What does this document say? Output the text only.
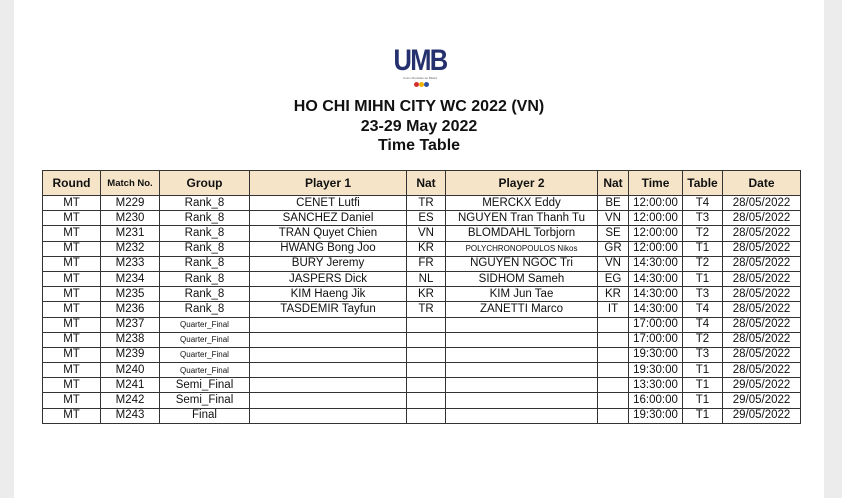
UMB
Union Mondiale de Billard
HO CHI MIHN CITY WC 2022 (VN)
23-29 May 2022
Time Table
Round	Match No.	Group	Player 1	Nat	Player 2	Nat	Time	Table	Date
MT	M229	Rank_8	CENET Lutfi	TR	MERCKX Eddy	BE	12:00:00	T4	28/05/2022
MT	M230	Rank_8	SANCHEZ Daniel	ES	NGUYEN Tran Thanh Tu	VN	12:00:00	T3	28/05/2022
MT	M231	Rank_8	TRAN Quyet Chien	VN	BLOMDAHL Torbjorn	SE	12:00:00	T2	28/05/2022
MT	M232	Rank_8	HWANG Bong Joo	KR	POLYCHRONOPOULOS Nikos	GR	12:00:00	T1	28/05/2022
MT	M233	Rank_8	BURY Jeremy	FR	NGUYEN NGOC Tri	VN	14:30:00	T2	28/05/2022
MT	M234	Rank_8	JASPERS Dick	NL	SIDHOM Sameh	EG	14:30:00	T1	28/05/2022
MT	M235	Rank_8	KIM Haeng Jik	KR	KIM Jun Tae	KR	14:30:00	T3	28/05/2022
MT	M236	Rank_8	TASDEMIR Tayfun	TR	ZANETTI Marco	IT	14:30:00	T4	28/05/2022
MT	M237	Quarter_Final					17:00:00	T4	28/05/2022
MT	M238	Quarter_Final					17:00:00	T2	28/05/2022
MT	M239	Quarter_Final					19:30:00	T3	28/05/2022
MT	M240	Quarter_Final					19:30:00	T1	28/05/2022
MT	M241	Semi_Final					13:30:00	T1	29/05/2022
MT	M242	Semi_Final					16:00:00	T1	29/05/2022
MT	M243	Final					19:30:00	T1	29/05/2022
